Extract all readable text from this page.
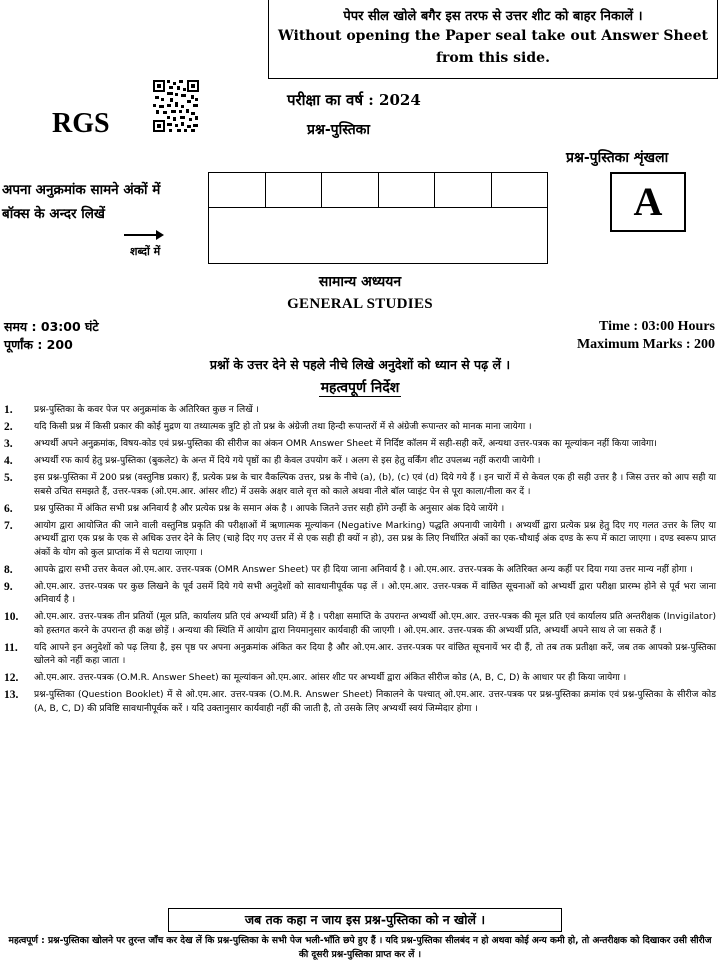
पेपर सील खोले बगैर इस तरफ से उत्तर शीट को बाहर निकालें ।
Without opening the Paper seal take out Answer Sheet
from this side.
RGS
परीक्षा का वर्ष : 2024
प्रश्न-पुस्तिका
प्रश्न-पुस्तिका शृंखला
A
अपना अनुक्रमांक सामने अंकों में
बॉक्स के अन्दर लिखें
शब्दों में
सामान्य अध्ययन
GENERAL STUDIES
समय : 03:00 घंटे
पूर्णांक : 200
Time : 03:00 Hours
Maximum Marks : 200
प्रश्नों के उत्तर देने से पहले नीचे लिखे अनुदेशों को ध्यान से पढ़ लें ।
महत्वपूर्ण निर्देश
1.	प्रश्न-पुस्तिका के कवर पेज पर अनुक्रमांक के अतिरिक्त कुछ न लिखें ।
2.	यदि किसी प्रश्न में किसी प्रकार की कोई मुद्रण या तथ्यात्मक त्रुटि हो तो प्रश्न के अंग्रेजी तथा हिन्दी रूपान्तरों में से अंग्रेजी रूपान्तर को मानक माना जायेगा ।
3.	अभ्यर्थी अपने अनुक्रमांक, विषय-कोड एवं प्रश्न-पुस्तिका की सीरीज का अंकन OMR Answer Sheet में निर्दिष्ट कॉलम में सही-सही करें, अन्यथा उत्तर-पत्रक का मूल्यांकन नहीं किया जावेगा।
4.	अभ्यर्थी रफ कार्य हेतु प्रश्न-पुस्तिका (बुकलेट) के अन्त में दिये गये पृष्ठों का ही केवल उपयोग करें । अलग से इस हेतु वर्किंग शीट उपलब्ध नहीं करायी जायेगी ।
5.	इस प्रश्न-पुस्तिका में 200 प्रश्न (वस्तुनिष्ठ प्रकार) हैं, प्रत्येक प्रश्न के चार वैकल्पिक उत्तर, प्रश्न के नीचे (a), (b), (c) एवं (d) दिये गये हैं । इन चारों में से केवल एक ही सही उत्तर है । जिस उत्तर को आप सही या सबसे उचित समझते हैं, उत्तर-पत्रक (ओ.एम.आर. आंसर शीट) में उसके अक्षर वाले वृत्त को काले अथवा नीले बॉल प्वाइंट पेन से पूरा काला/नीला कर दें ।
6.	प्रश्न पुस्तिका में अंकित सभी प्रश्न अनिवार्य है और प्रत्येक प्रश्न के समान अंक है । आपके जितने उत्तर सही होंगे उन्हीं के अनुसार अंक दिये जायेंगे ।
7.	आयोग द्वारा आयोजित की जाने वाली वस्तुनिष्ठ प्रकृति की परीक्षाओं में ऋणात्मक मूल्यांकन (Negative Marking) पद्धति अपनायी जायेगी । अभ्यर्थी द्वारा प्रत्येक प्रश्न हेतु दिए गए गलत उत्तर के लिए या अभ्यर्थी द्वारा एक प्रश्न के एक से अधिक उत्तर देने के लिए (चाहे दिए गए उत्तर में से एक सही ही क्यों न हो), उस प्रश्न के लिए निर्धारित अंकों का एक-चौथाई अंक दण्ड के रूप में काटा जाएगा । दण्ड स्वरूप प्राप्त अंकों के योग को कुल प्राप्तांक में से घटाया जाएगा ।
8.	आपके द्वारा सभी उत्तर केवल ओ.एम.आर. उत्तर-पत्रक (OMR Answer Sheet) पर ही दिया जाना अनिवार्य है । ओ.एम.आर. उत्तर-पत्रक के अतिरिक्त अन्य कहीं पर दिया गया उत्तर मान्य नहीं होगा ।
9.	ओ.एम.आर. उत्तर-पत्रक पर कुछ लिखने के पूर्व उसमें दिये गये सभी अनुदेशों को सावधानीपूर्वक पढ़ लें । ओ.एम.आर. उत्तर-पत्रक में वांछित सूचनाओं को अभ्यर्थी द्वारा परीक्षा प्रारम्भ होने से पूर्व भरा जाना अनिवार्य है ।
10.	ओ.एम.आर. उत्तर-पत्रक तीन प्रतियों (मूल प्रति, कार्यालय प्रति एवं अभ्यर्थी प्रति) में है । परीक्षा समाप्ति के उपरान्त अभ्यर्थी ओ.एम.आर. उत्तर-पत्रक की मूल प्रति एवं कार्यालय प्रति अन्तरीक्षक (Invigilator) को हस्तगत करने के उपरान्त ही कक्ष छोड़ें । अन्यथा की स्थिति में आयोग द्वारा नियमानुसार कार्यवाही की जाएगी । ओ.एम.आर. उत्तर-पत्रक की अभ्यर्थी प्रति, अभ्यर्थी अपने साथ ले जा सकते हैं ।
11.	यदि आपने इन अनुदेशों को पढ़ लिया है, इस पृष्ठ पर अपना अनुक्रमांक अंकित कर दिया है और ओ.एम.आर. उत्तर-पत्रक पर वांछित सूचनायें भर दी हैं, तो तब तक प्रतीक्षा करें, जब तक आपको प्रश्न-पुस्तिका खोलने को नहीं कहा जाता ।
12.	ओ.एम.आर. उत्तर-पत्रक (O.M.R. Answer Sheet) का मूल्यांकन ओ.एम.आर. आंसर शीट पर अभ्यर्थी द्वारा अंकित सीरीज कोड (A, B, C, D) के आधार पर ही किया जायेगा ।
13.	प्रश्न-पुस्तिका (Question Booklet) में से ओ.एम.आर. उत्तर-पत्रक (O.M.R. Answer Sheet) निकालने के पश्चात् ओ.एम.आर. उत्तर-पत्रक पर प्रश्न-पुस्तिका क्रमांक एवं प्रश्न-पुस्तिका के सीरीज कोड (A, B, C, D) की प्रविष्टि सावधानीपूर्वक करें । यदि उक्तानुसार कार्यवाही नहीं की जाती है, तो उसके लिए अभ्यर्थी स्वयं जिम्मेदार होगा ।
जब तक कहा न जाय इस प्रश्न-पुस्तिका को न खोलें ।
महत्वपूर्ण : प्रश्न-पुस्तिका खोलने पर तुरन्त जाँच कर देख लें कि प्रश्न-पुस्तिका के सभी पेज भली-भाँति छपे हुए हैं । यदि प्रश्न-पुस्तिका सीलबंद न हो अथवा कोई अन्य कमी हो, तो अन्तरीक्षक को दिखाकर उसी सीरीज की दूसरी प्रश्न-पुस्तिका प्राप्त कर लें ।
